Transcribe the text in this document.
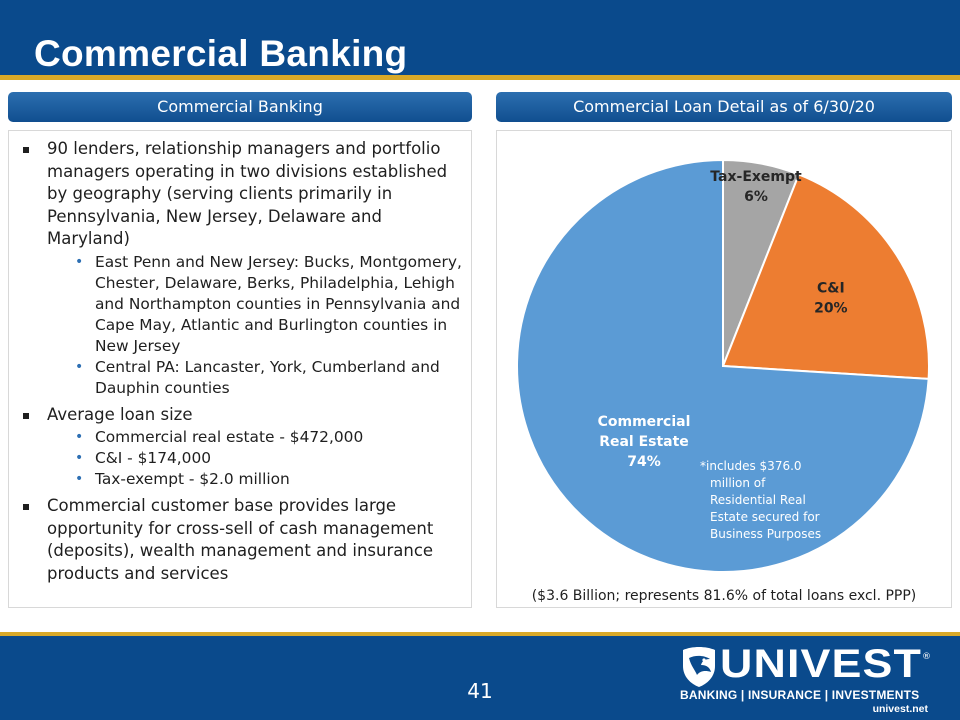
Commercial Banking
Commercial Banking	Commercial Loan Detail as of 6/30/20
90 lenders, relationship managers and portfolio managers operating in two divisions established by geography (serving clients primarily in Pennsylvania, New Jersey, Delaware and Maryland)
• East Penn and New Jersey: Bucks, Montgomery, Chester, Delaware, Berks, Philadelphia, Lehigh and Northampton counties in Pennsylvania and Cape May, Atlantic and Burlington counties in New Jersey
• Central PA: Lancaster, York, Cumberland and Dauphin counties
Average loan size
• Commercial real estate - $472,000
• C&I - $174,000
• Tax-exempt - $2.0 million
Commercial customer base provides large opportunity for cross-sell of cash management (deposits), wealth management and insurance products and services
Tax-Exempt 6%
C&I 20%
Commercial Real Estate 74%	*includes $376.0 million of Residential Real Estate secured for Business Purposes
($3.6 Billion; represents 81.6% of total loans excl. PPP)
41
UNIVEST ®
BANKING | INSURANCE | INVESTMENTS
univest.net
